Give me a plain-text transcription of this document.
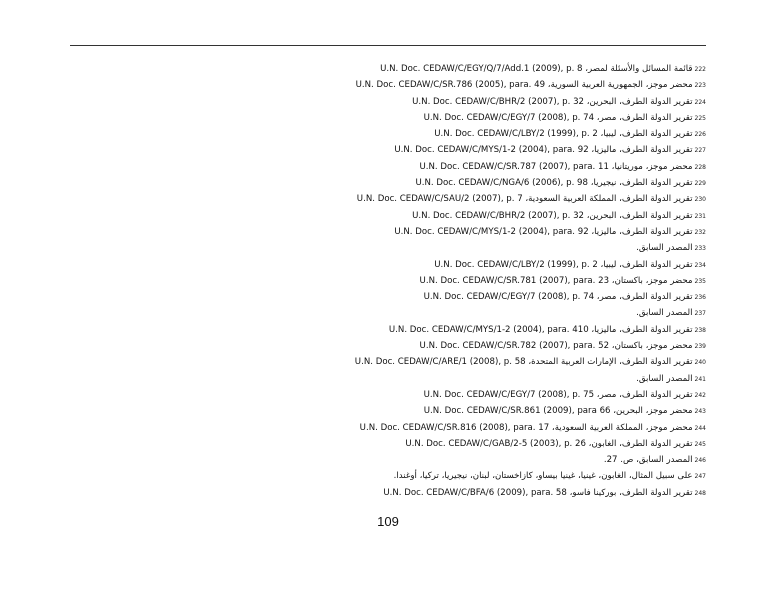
قائمة المسائل والأسئلة لمصر، U.N. Doc. CEDAW/C/EGY/Q/7/Add.1 (2009), p. 8 222
محضر موجز، الجمهورية العربية السورية، U.N. Doc. CEDAW/C/SR.786 (2005), para. 49 223
تقرير الدولة الطرف، البحرين، U.N. Doc. CEDAW/C/BHR/2 (2007), p. 32 224
تقرير الدولة الطرف، مصر، U.N. Doc. CEDAW/C/EGY/7 (2008), p. 74 225
تقرير الدولة الطرف، ليبيا، U.N. Doc. CEDAW/C/LBY/2 (1999), p. 2 226
تقرير الدولة الطرف، ماليزيا، U.N. Doc. CEDAW/C/MYS/1-2 (2004), para. 92 227
محضر موجز، موريتانيا، U.N. Doc. CEDAW/C/SR.787 (2007), para. 11 228
تقرير الدولة الطرف، نيجيريا، U.N. Doc. CEDAW/C/NGA/6 (2006), p. 98 229
تقرير الدولة الطرف، المملكة العربية السعودية، U.N. Doc. CEDAW/C/SAU/2 (2007), p. 7 230
تقرير الدولة الطرف، البحرين، U.N. Doc. CEDAW/C/BHR/2 (2007), p. 32 231
تقرير الدولة الطرف، ماليزيا، U.N. Doc. CEDAW/C/MYS/1-2 (2004), para. 92 232
المصدر السابق. 233
تقرير الدولة الطرف، ليبيا، U.N. Doc. CEDAW/C/LBY/2 (1999), p. 2 234
محضر موجز، باكستان، U.N. Doc. CEDAW/C/SR.781 (2007), para. 23 235
تقرير الدولة الطرف، مصر، U.N. Doc. CEDAW/C/EGY/7 (2008), p. 74 236
المصدر السابق. 237
تقرير الدولة الطرف، ماليزيا، U.N. Doc. CEDAW/C/MYS/1-2 (2004), para. 410 238
محضر موجز، باكستان، U.N. Doc. CEDAW/C/SR.782 (2007), para. 52 239
تقرير الدولة الطرف، الإمارات العربية المتحدة، U.N. Doc. CEDAW/C/ARE/1 (2008), p. 58 240
المصدر السابق. 241
تقرير الدولة الطرف، مصر، U.N. Doc. CEDAW/C/EGY/7 (2008), p. 75 242
محضر موجز، البحرين، U.N. Doc. CEDAW/C/SR.861 (2009), para 66 243
محضر موجز، المملكة العربية السعودية، U.N. Doc. CEDAW/C/SR.816 (2008), para. 17 244
تقرير الدولة الطرف، الغابون، U.N. Doc. CEDAW/C/GAB/2-5 (2003), p. 26 245
المصدر السابق، ص. 27. 246
على سبيل المثال، الغابون، غينيا، غينيا بيساو، كازاخستان، لبنان، نيجيريا، تركيا، أوغندا. 247
تقرير الدولة الطرف، بوركينا فاسو، U.N. Doc. CEDAW/C/BFA/6 (2009), para. 58 248
109
